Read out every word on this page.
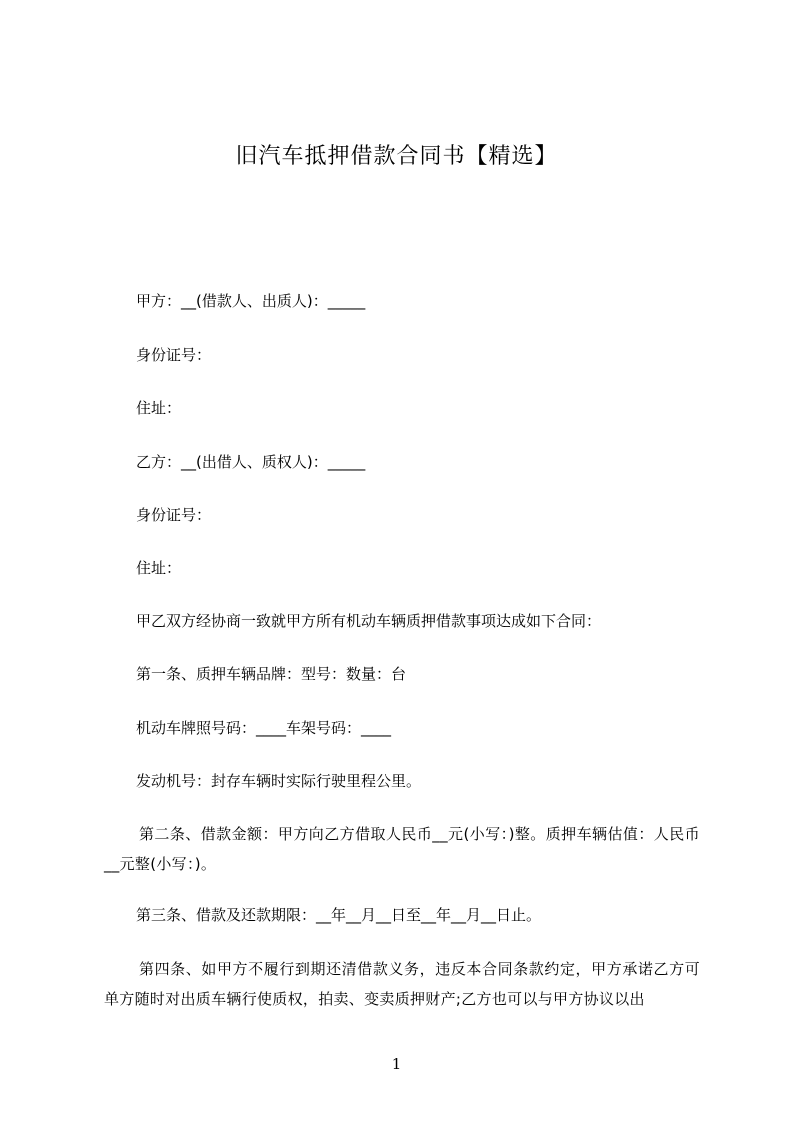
旧汽车抵押借款合同书【精选】
甲方：__(借款人、出质人)：_____
身份证号：
住址：
乙方：__(出借人、质权人)：_____
身份证号：
住址：
甲乙双方经协商一致就甲方所有机动车辆质押借款事项达成如下合同：
第一条、质押车辆品牌：型号：数量：台
机动车牌照号码：____车架号码：____
发动机号：封存车辆时实际行驶里程公里。
第二条、借款金额：甲方向乙方借取人民币__元(小写：)整。质押车辆估值：人民币__元整(小写：)。
第三条、借款及还款期限：__年__月__日至__年__月__日止。
第四条、如甲方不履行到期还清借款义务，违反本合同条款约定，甲方承诺乙方可单方随时对出质车辆行使质权，拍卖、变卖质押财产;乙方也可以与甲方协议以出
1
